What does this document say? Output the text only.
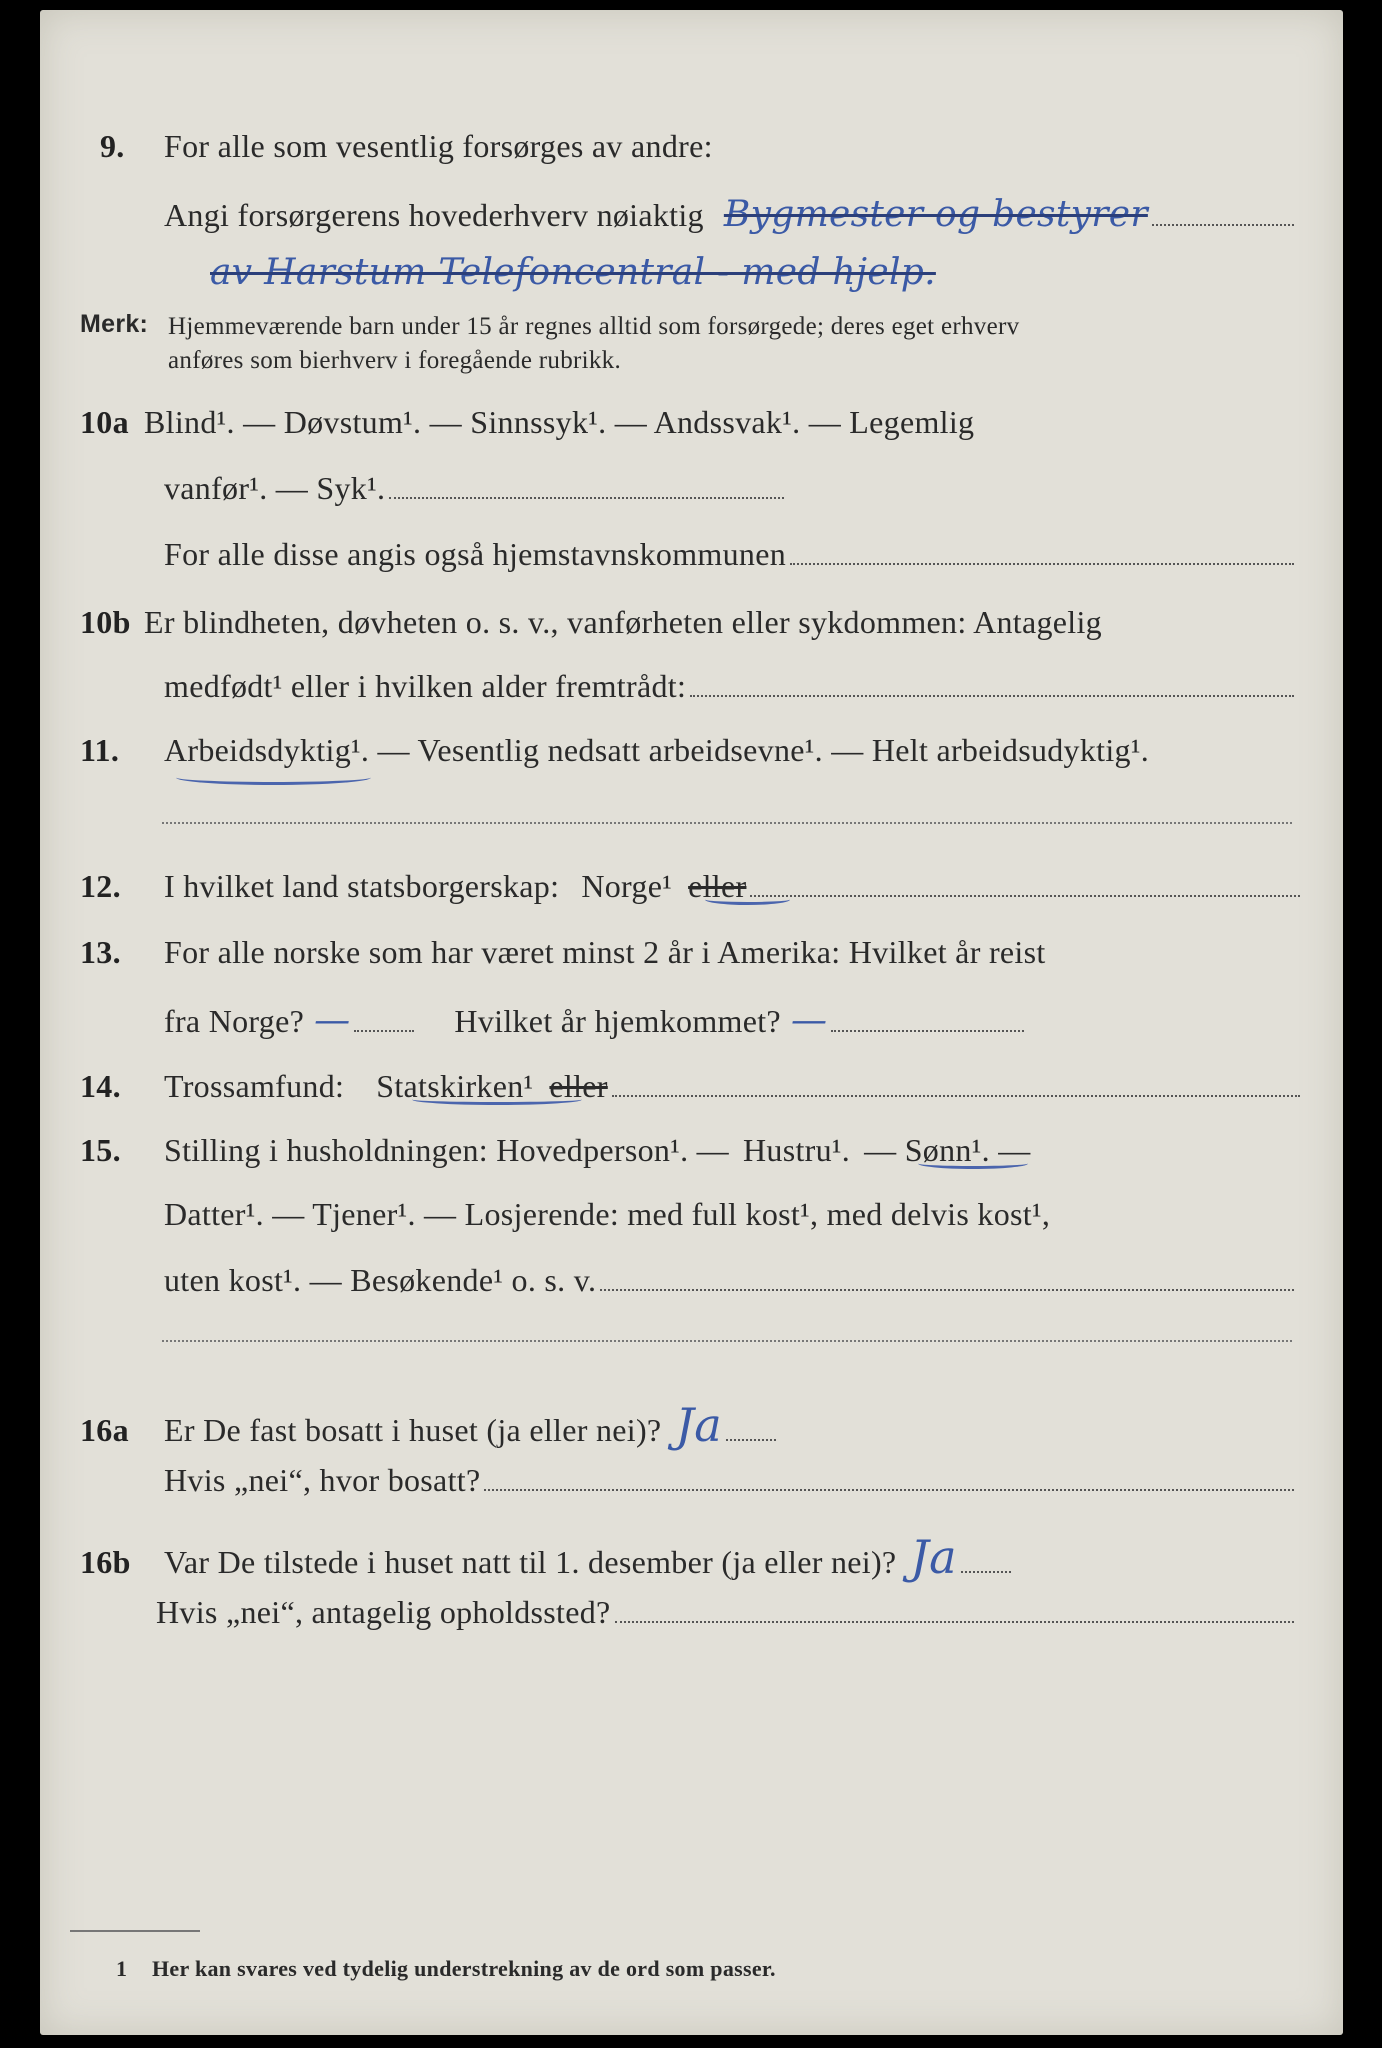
9.	For alle som vesentlig forsørges av andre:
Angi forsørgerens hovederhverv nøiaktig Bygmester og bestyrer
av Harstum Telefoncentral - med hjelp.
Merk: Hjemmeværende barn under 15 år regnes alltid som forsørgede; deres eget erhverv
anføres som bierhverv i foregående rubrikk.
10a Blind¹. — Døvstum¹. — Sinnssyk¹. — Andssvak¹. — Legemlig
vanfør¹. — Syk¹.
For alle disse angis også hjemstavnskommunen
10b Er blindheten, døvheten o. s. v., vanførheten eller sykdommen: Antagelig
medfødt¹ eller i hvilken alder fremtrådt:
11.	Arbeidsdyktig¹. — Vesentlig nedsatt arbeidsevne¹. — Helt arbeidsudyktig¹.
12.	I hvilket land statsborgerskap: Norge¹ eller
13.	For alle norske som har været minst 2 år i Amerika: Hvilket år reist
fra Norge? —	Hvilket år hjemkommet? —
14.	Trossamfund: Statskirken¹ eller
15.	Stilling i husholdningen: Hovedperson¹. — Hustru¹. — Sønn¹. —
Datter¹. — Tjener¹. — Losjerende: med full kost¹, med delvis kost¹,
uten kost¹. — Besøkende¹ o. s. v.
16a	Er De fast bosatt i huset (ja eller nei)? Ja
Hvis „nei“, hvor bosatt?
16b	Var De tilstede i huset natt til 1. desember (ja eller nei)? Ja
Hvis „nei“, antagelig opholdssted?
1	Her kan svares ved tydelig understrekning av de ord som passer.
